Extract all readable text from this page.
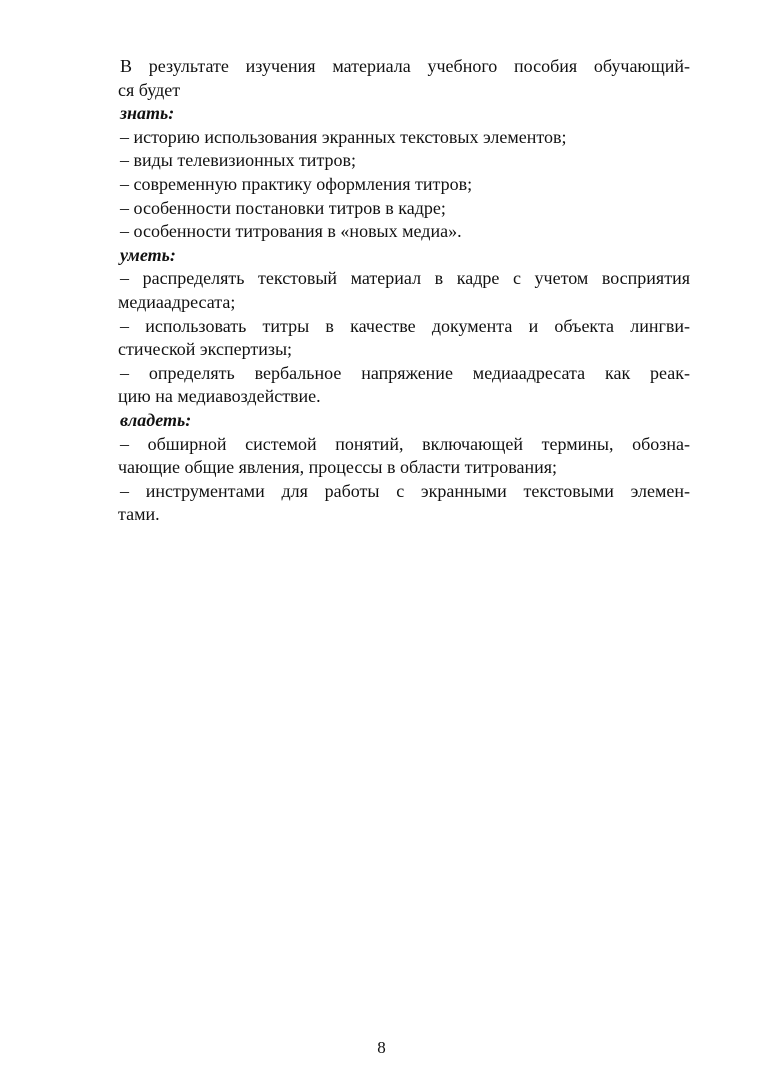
В результате изучения материала учебного пособия обучающий-
ся будет
знать:
– историю использования экранных текстовых элементов;
– виды телевизионных титров;
– современную практику оформления титров;
– особенности постановки титров в кадре;
– особенности титрования в «новых медиа».
уметь:
– распределять текстовый материал в кадре с учетом восприятия
медиаадресата;
– использовать титры в качестве документа и объекта лингви-
стической экспертизы;
– определять вербальное напряжение медиаадресата как реак-
цию на медиавоздействие.
владеть:
– обширной системой понятий, включающей термины, обозна-
чающие общие явления, процессы в области титрования;
– инструментами для работы с экранными текстовыми элемен-
тами.
8
